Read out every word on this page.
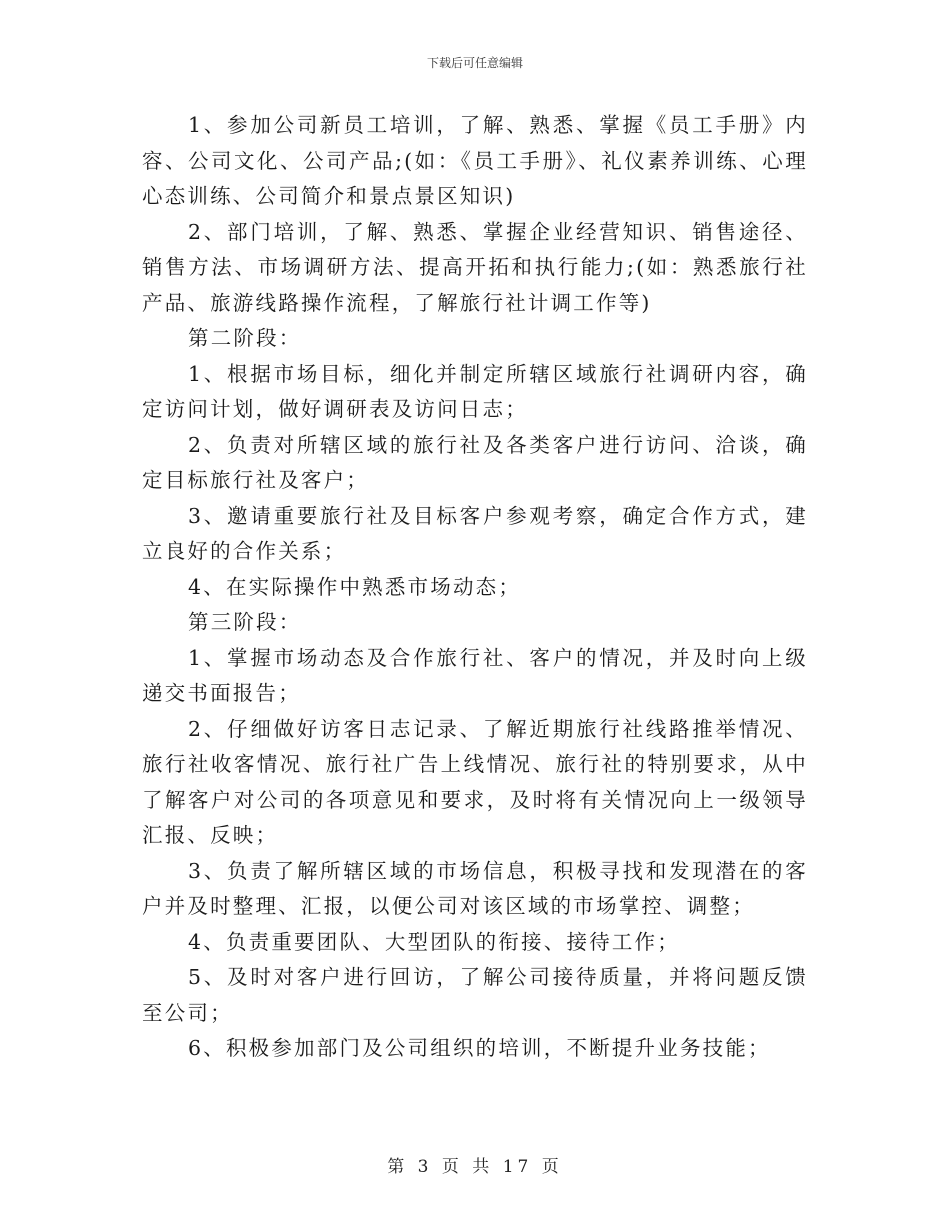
下载后可任意编辑

1、参加公司新员工培训，了解、熟悉、掌握《员工手册》内容、公司文化、公司产品;(如：《员工手册》、礼仪素养训练、心理心态训练、公司简介和景点景区知识)

2、部门培训，了解、熟悉、掌握企业经营知识、销售途径、销售方法、市场调研方法、提高开拓和执行能力;(如：熟悉旅行社产品、旅游线路操作流程，了解旅行社计调工作等)

第二阶段：

1、根据市场目标，细化并制定所辖区域旅行社调研内容，确定访问计划，做好调研表及访问日志；

2、负责对所辖区域的旅行社及各类客户进行访问、洽谈，确定目标旅行社及客户；

3、邀请重要旅行社及目标客户参观考察，确定合作方式，建立良好的合作关系；

4、在实际操作中熟悉市场动态；

第三阶段：

1、掌握市场动态及合作旅行社、客户的情况，并及时向上级递交书面报告；

2、仔细做好访客日志记录、了解近期旅行社线路推举情况、旅行社收客情况、旅行社广告上线情况、旅行社的特别要求，从中了解客户对公司的各项意见和要求，及时将有关情况向上一级领导汇报、反映；

3、负责了解所辖区域的市场信息，积极寻找和发现潜在的客户并及时整理、汇报，以便公司对该区域的市场掌控、调整；

4、负责重要团队、大型团队的衔接、接待工作；

5、及时对客户进行回访，了解公司接待质量，并将问题反馈至公司；

6、积极参加部门及公司组织的培训，不断提升业务技能；

第 3 页 共 17 页
